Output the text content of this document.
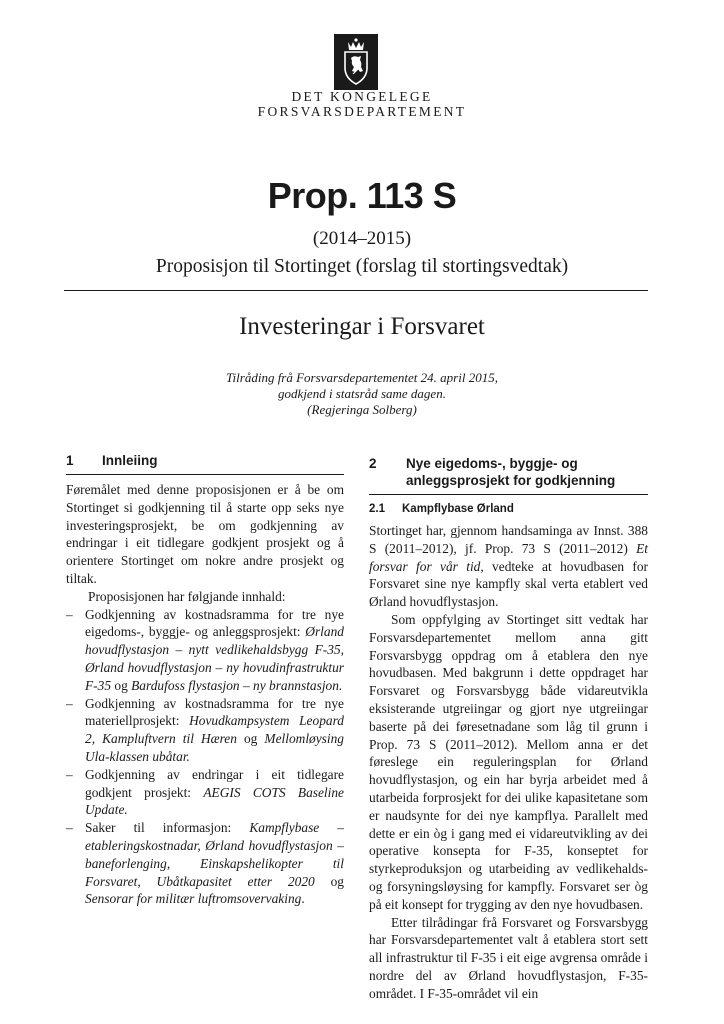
DET KONGELEGE
FORSVARSDEPARTEMENT
Prop. 113 S
(2014–2015)
Proposisjon til Stortinget (forslag til stortingsvedtak)
Investeringar i Forsvaret
Tilråding frå Forsvarsdepartementet 24. april 2015,
godkjend i statsråd same dagen.
(Regjeringa Solberg)
1	Innleiing

Føremålet med denne proposisjonen er å be om Stortinget si godkjenning til å starte opp seks nye investeringsprosjekt, be om godkjenning av endringar i eit tidlegare godkjent prosjekt og å orientere Stortinget om nokre andre prosjekt og tiltak.

Proposisjonen har følgjande innhald:

– Godkjenning av kostnadsramma for tre nye eigedoms-, byggje- og anleggsprosjekt: Ørland hovudflystasjon – nytt vedlikehaldsbygg F-35, Ørland hovudflystasjon – ny hovudinfrastruktur F-35 og Bardufoss flystasjon – ny brannstasjon.
– Godkjenning av kostnadsramma for tre nye materiellprosjekt: Hovudkampsystem Leopard 2, Kampluftvern til Hæren og Mellomløysing Ula-klassen ubåtar.
– Godkjenning av endringar i eit tidlegare godkjent prosjekt: AEGIS COTS Baseline Update.
– Saker til informasjon: Kampflybase – etableringskostnadar, Ørland hovudflystasjon – baneforlenging, Einskapshelikopter til Forsvaret, Ubåtkapasitet etter 2020 og Sensorar for militær luftromsovervaking.
2	Nye eigedoms-, byggje- og
anleggsprosjekt for godkjenning
2.1	Kampflybase Ørland

Stortinget har, gjennom handsaminga av Innst. 388 S (2011–2012), jf. Prop. 73 S (2011–2012) Et forsvar for vår tid, vedteke at hovudbasen for Forsvaret sine nye kampfly skal verta etablert ved Ørland hovudflystasjon.

Som oppfylging av Stortinget sitt vedtak har Forsvarsdepartementet mellom anna gitt Forsvarsbygg oppdrag om å etablera den nye hovudbasen. Med bakgrunn i dette oppdraget har Forsvaret og Forsvarsbygg både vidareutvikla eksisterande utgreiingar og gjort nye utgreiingar baserte på dei føresetnadane som låg til grunn i Prop. 73 S (2011–2012). Mellom anna er det føreslege ein reguleringsplan for Ørland hovudflystasjon, og ein har byrja arbeidet med å utarbeida forprosjekt for dei ulike kapasitetane som er naudsynte for dei nye kampflya. Parallelt med dette er ein òg i gang med ei vidareutvikling av dei operative konsepta for F-35, konseptet for styrkeproduksjon og utarbeiding av vedlikehalds- og forsyningsløysing for kampfly. Forsvaret ser òg på eit konsept for trygging av den nye hovudbasen.

Etter tilrådingar frå Forsvaret og Forsvarsbygg har Forsvarsdepartementet valt å etablera stort sett all infrastruktur til F-35 i eit eige avgrensa område i nordre del av Ørland hovudflystasjon, F-35-området. I F-35-området vil ein
